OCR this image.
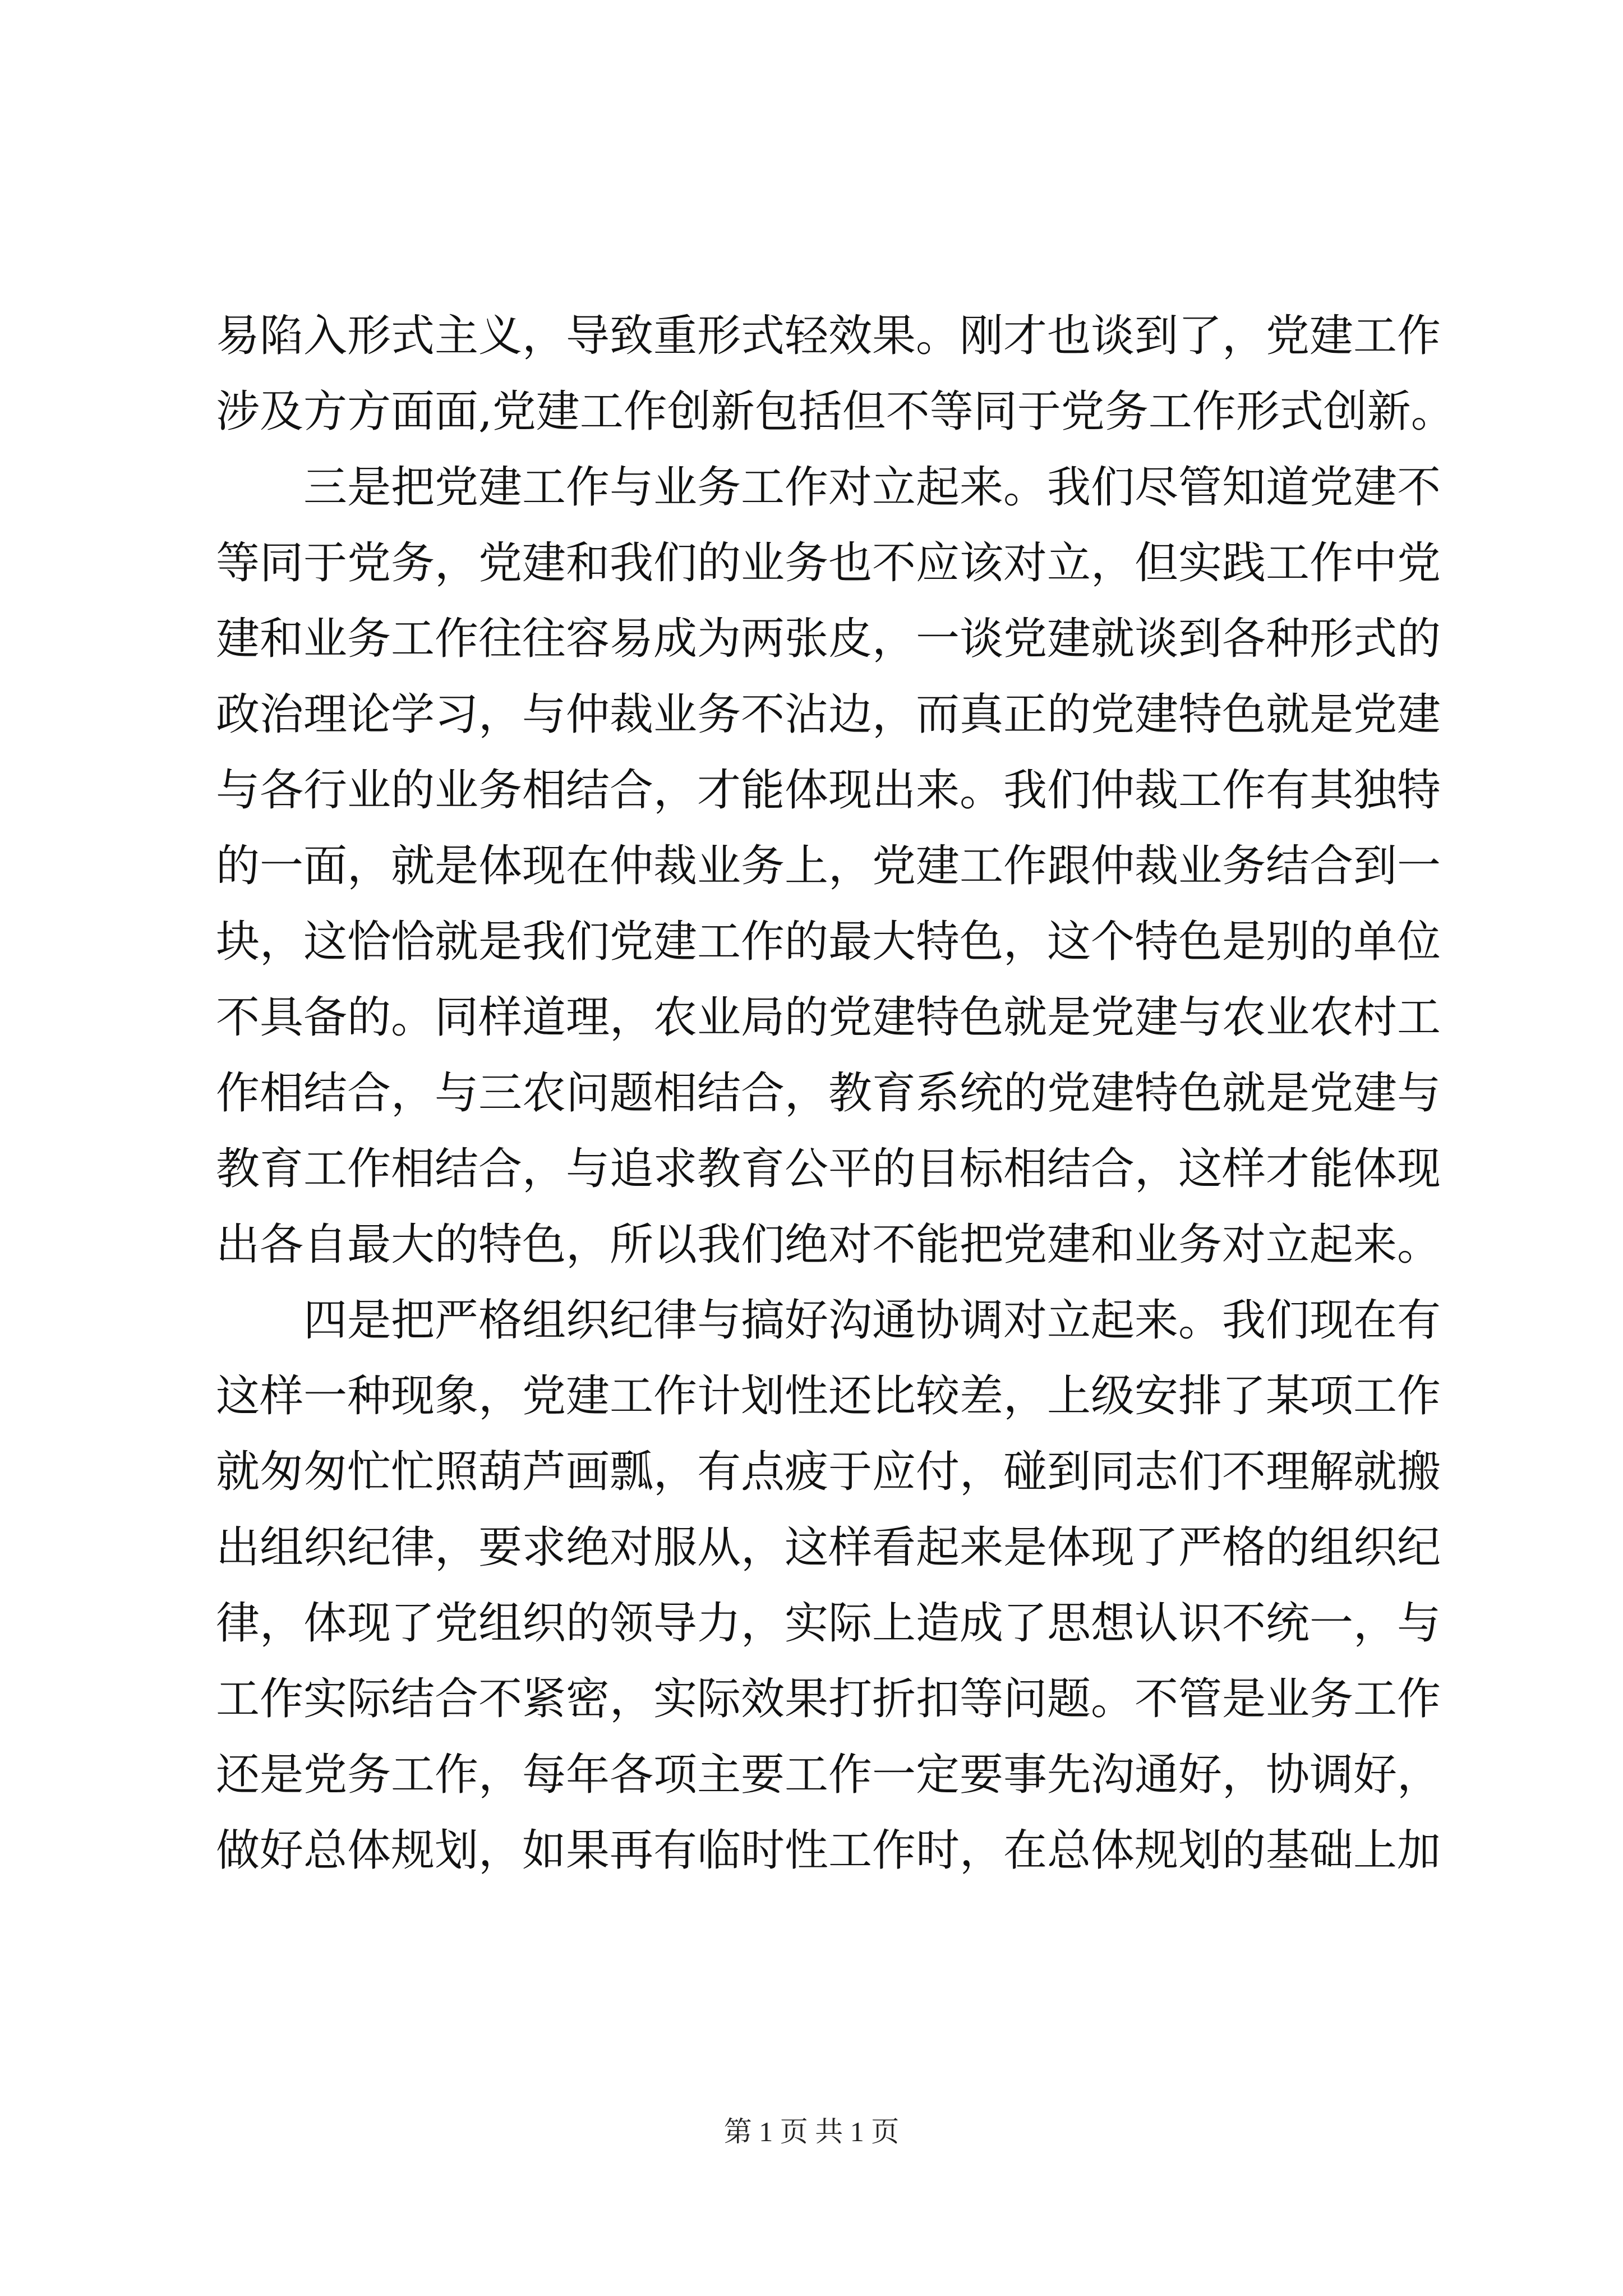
易陷入形式主义，导致重形式轻效果。刚才也谈到了，党建工作
涉及方方面面,党建工作创新包括但不等同于党务工作形式创新。
三是把党建工作与业务工作对立起来。我们尽管知道党建不
等同于党务，党建和我们的业务也不应该对立，但实践工作中党
建和业务工作往往容易成为两张皮，一谈党建就谈到各种形式的
政治理论学习，与仲裁业务不沾边，而真正的党建特色就是党建
与各行业的业务相结合，才能体现出来。我们仲裁工作有其独特
的一面，就是体现在仲裁业务上，党建工作跟仲裁业务结合到一
块，这恰恰就是我们党建工作的最大特色，这个特色是别的单位
不具备的。同样道理，农业局的党建特色就是党建与农业农村工
作相结合，与三农问题相结合，教育系统的党建特色就是党建与
教育工作相结合，与追求教育公平的目标相结合，这样才能体现
出各自最大的特色，所以我们绝对不能把党建和业务对立起来。
四是把严格组织纪律与搞好沟通协调对立起来。我们现在有
这样一种现象，党建工作计划性还比较差，上级安排了某项工作
就匆匆忙忙照葫芦画瓢，有点疲于应付，碰到同志们不理解就搬
出组织纪律，要求绝对服从，这样看起来是体现了严格的组织纪
律，体现了党组织的领导力，实际上造成了思想认识不统一，与
工作实际结合不紧密，实际效果打折扣等问题。不管是业务工作
还是党务工作，每年各项主要工作一定要事先沟通好，协调好，
做好总体规划，如果再有临时性工作时，在总体规划的基础上加
第 1 页 共 1 页
